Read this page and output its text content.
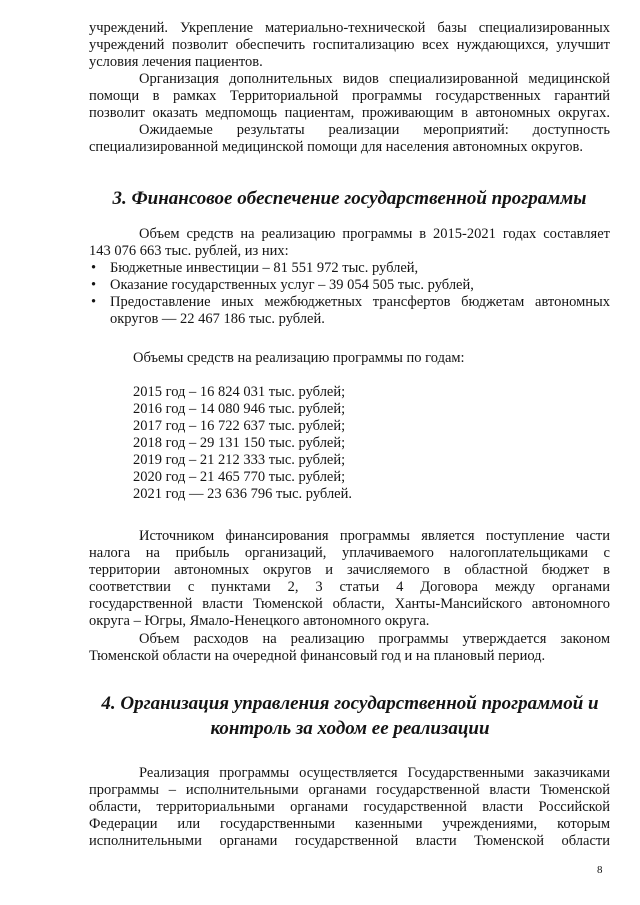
учреждений. Укрепление материально-технической базы специализированных
учреждений позволит обеспечить госпитализацию всех нуждающихся, улучшит
условия лечения пациентов.
Организация дополнительных видов специализированной медицинской
помощи в рамках Территориальной программы государственных гарантий
позволит оказать медпомощь пациентам, проживающим в автономных округах.
Ожидаемые результаты реализации мероприятий: доступность
специализированной медицинской помощи для населения автономных округов.
3. Финансовое обеспечение государственной программы
Объем средств на реализацию программы в 2015-2021 годах составляет
143 076 663 тыс. рублей, из них:
• Бюджетные инвестиции – 81 551 972 тыс. рублей,
• Оказание государственных услуг – 39 054 505 тыс. рублей,
• Предоставление иных межбюджетных трансфертов бюджетам автономных округов — 22 467 186 тыс. рублей.
Объемы средств на реализацию программы по годам:
2015 год – 16 824 031 тыс. рублей;
2016 год – 14 080 946 тыс. рублей;
2017 год – 16 722 637 тыс. рублей;
2018 год – 29 131 150 тыс. рублей;
2019 год – 21 212 333 тыс. рублей;
2020 год – 21 465 770 тыс. рублей;
2021 год — 23 636 796 тыс. рублей.
Источником финансирования программы является поступление части
налога на прибыль организаций, уплачиваемого налогоплательщиками с
территории автономных округов и зачисляемого в областной бюджет в
соответствии с пунктами 2, 3 статьи 4 Договора между органами
государственной власти Тюменской области, Ханты-Мансийского автономного
округа – Югры, Ямало-Ненецкого автономного округа.
Объем расходов на реализацию программы утверждается законом
Тюменской области на очередной финансовый год и на плановый период.
4. Организация управления государственной программой и
контроль за ходом ее реализации
Реализация программы осуществляется Государственными заказчиками
программы – исполнительными органами государственной власти Тюменской
области, территориальными органами государственной власти Российской
Федерации или государственными казенными учреждениями, которым
исполнительными органами государственной власти Тюменской области
8
